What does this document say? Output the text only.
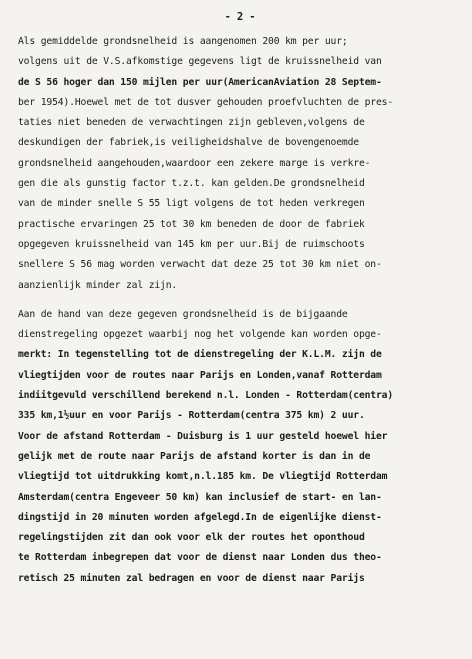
- 2 -
Als gemiddelde grondsnelheid is aangenomen 200 km per uur;
volgens uit de V.S.afkomstige gegevens ligt de kruissnelheid van
de S 56 hoger dan 150 mijlen per uur(AmericanAviation 28 Septem-
ber 1954).Hoewel met de tot dusver gehouden proefvluchten de pres-
taties niet beneden de verwachtingen zijn gebleven,volgens de
deskundigen der fabriek,is veiligheidshalve de bovengenoemde
grondsnelheid aangehouden,waardoor een zekere marge is verkre-
gen die als gunstig factor t.z.t. kan gelden.De grondsnelheid
van de minder snelle S 55 ligt volgens de tot heden verkregen
practische ervaringen 25 tot 30 km beneden de door de fabriek
opgegeven kruissnelheid van 145 km per uur.Bij de ruimschoots
snellere S 56 mag worden verwacht dat deze 25 tot 30 km niet on-
aanzienlijk minder zal zijn.
Aan de hand van deze gegeven grondsnelheid is de bijgaande
dienstregeling opgezet waarbij nog het volgende kan worden opge-
merkt: In tegenstelling tot de dienstregeling der K.L.M. zijn de
vliegtijden voor de routes naar Parijs en Londen,vanaf Rotterdam
indiitgevuld verschillend berekend n.l. Londen - Rotterdam(centra)
335 km,1½uur en voor Parijs - Rotterdam(centra 375 km) 2 uur.
Voor de afstand Rotterdam - Duisburg is 1 uur gesteld hoewel hier
gelijk met de route naar Parijs de afstand korter is dan in de
vliegtijd tot uitdrukking komt,n.l.185 km. De vliegtijd Rotterdam
Amsterdam(centra Engeveer 50 km) kan inclusief de start- en lan-
dingstijd in 20 minuten worden afgelegd.In de eigenlijke dienst-
regelingstijden zit dan ook voor elk der routes het oponthoud
te Rotterdam inbegrepen dat voor de dienst naar Londen dus theo-
retisch 25 minuten zal bedragen en voor de dienst naar Parijs
